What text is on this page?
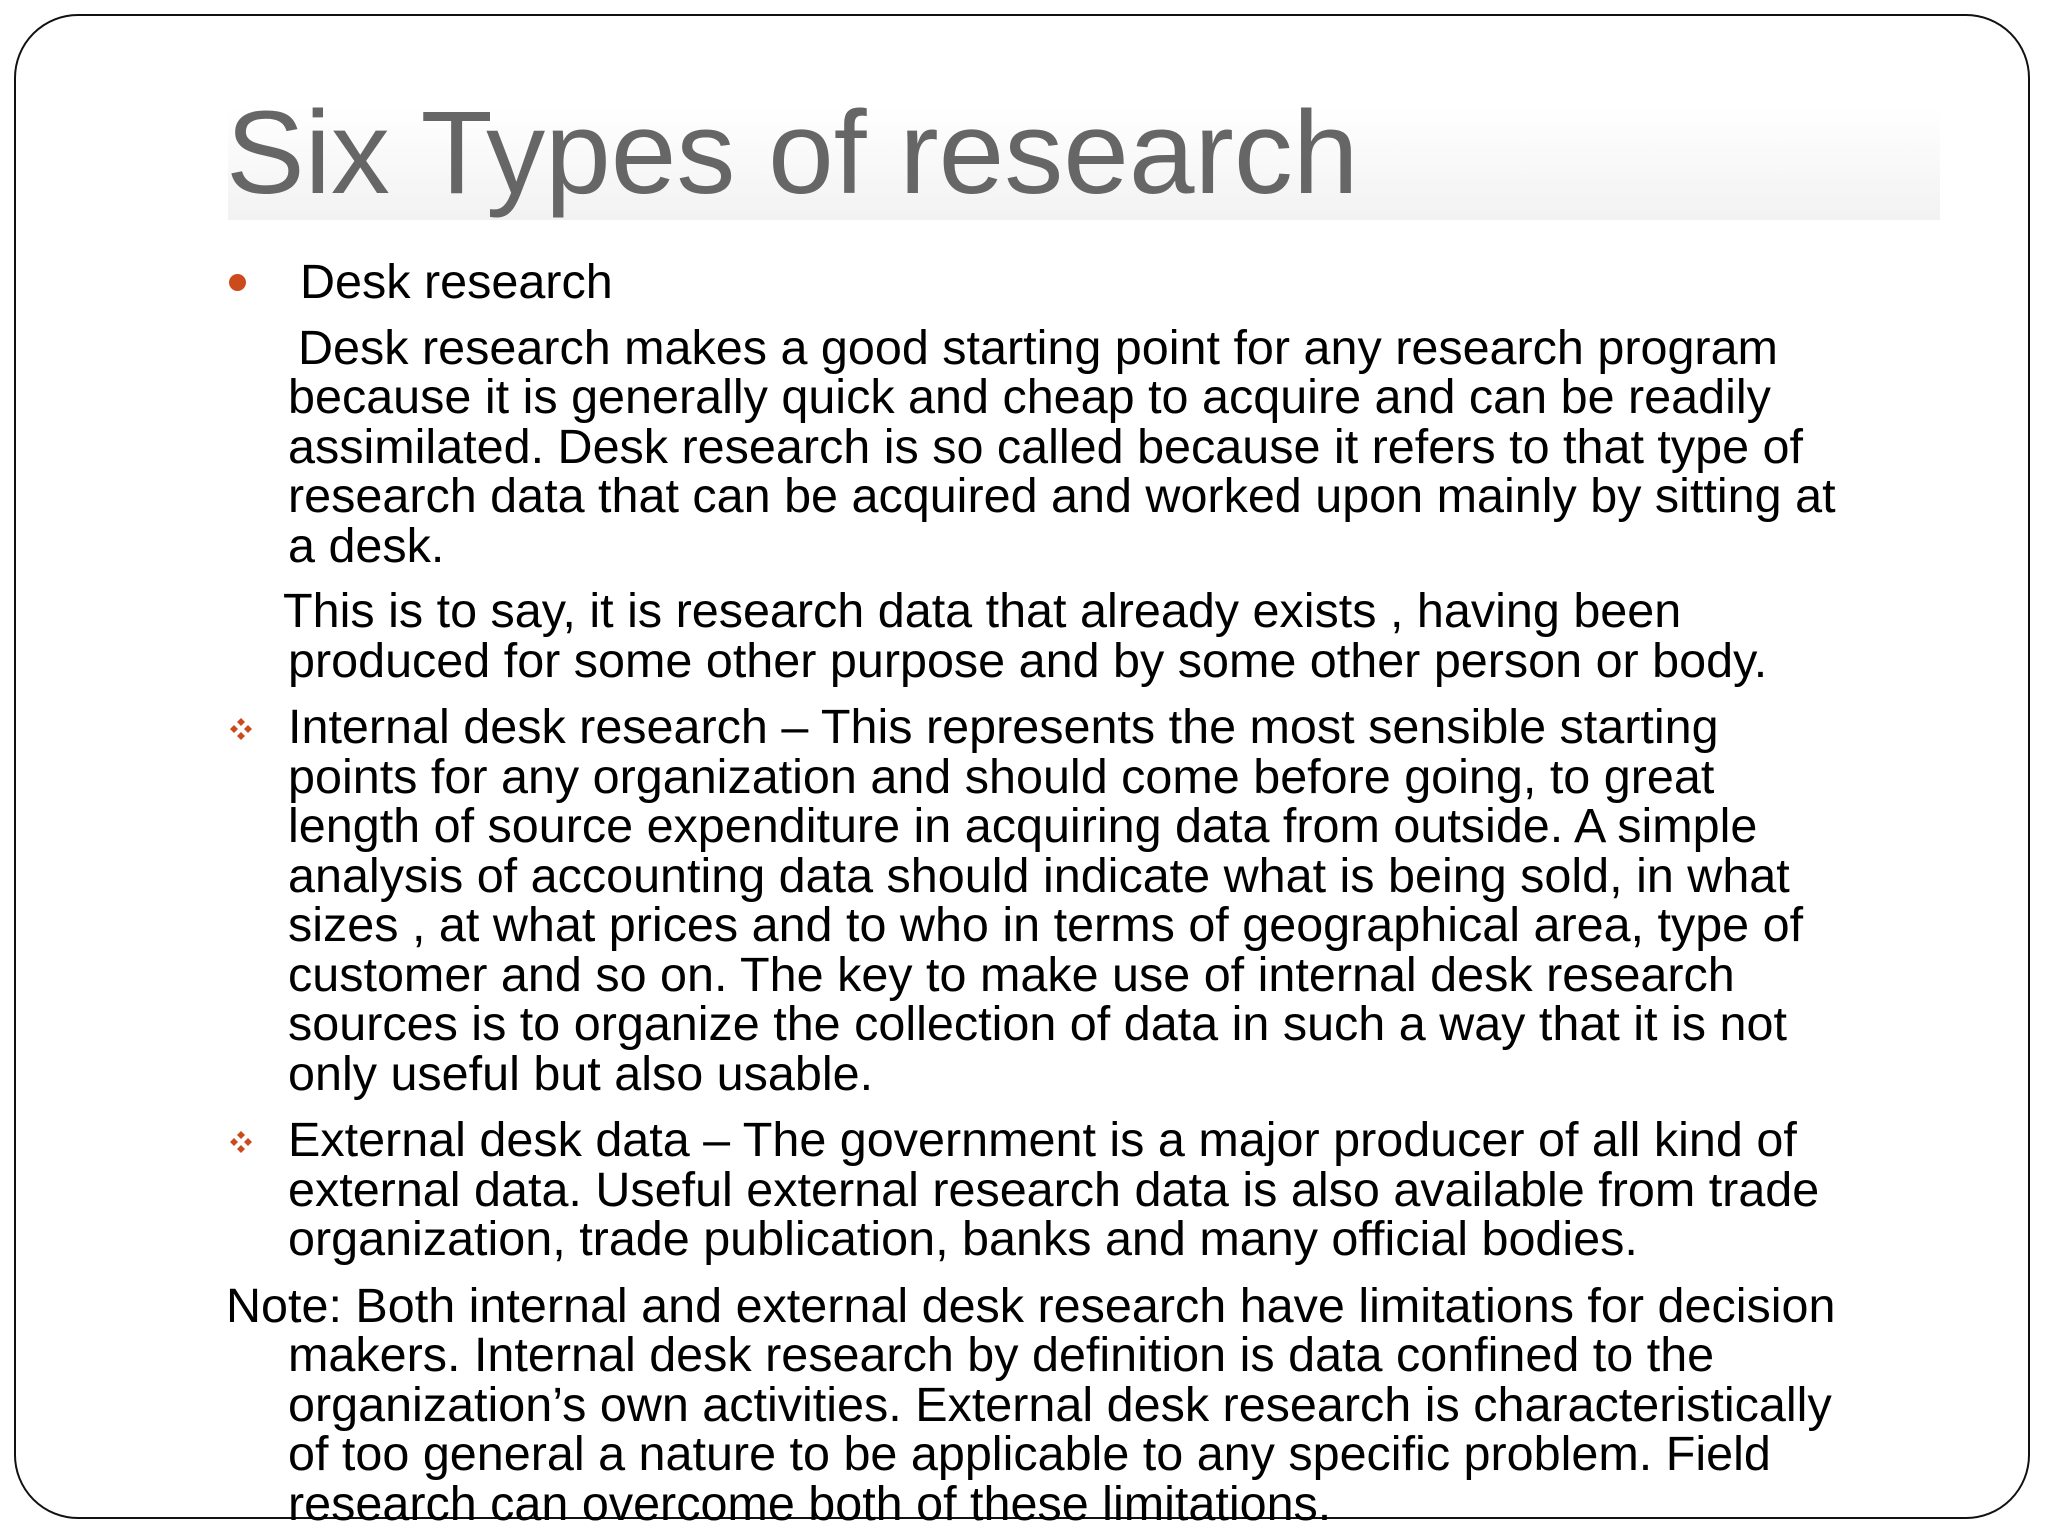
Six Types of research
Desk research
Desk research makes a good starting point for any research program
because it is generally quick and cheap to acquire and can be readily
assimilated. Desk research is so called because it refers to that type of
research data that can be acquired and worked upon mainly by sitting at
a desk.
This is to say, it is research data that already exists , having been
produced for some other purpose and by some other person or body.
Internal desk research – This represents the most sensible starting
points for any organization and should come before going, to great
length of source expenditure in acquiring data from outside. A simple
analysis of accounting data should indicate what is being sold, in what
sizes , at what prices and to who in terms of geographical area, type of
customer and so on. The key to make use of internal desk research
sources is to organize the collection of data in such a way that it is not
only useful but also usable.
External desk data – The government is a major producer of all kind of
external data. Useful external research data is also available from trade
organization, trade publication, banks and many official bodies.
Note: Both internal and external desk research have limitations for decision
makers. Internal desk research by definition is data confined to the
organization’s own activities. External desk research is characteristically
of too general a nature to be applicable to any specific problem. Field
research can overcome both of these limitations.
